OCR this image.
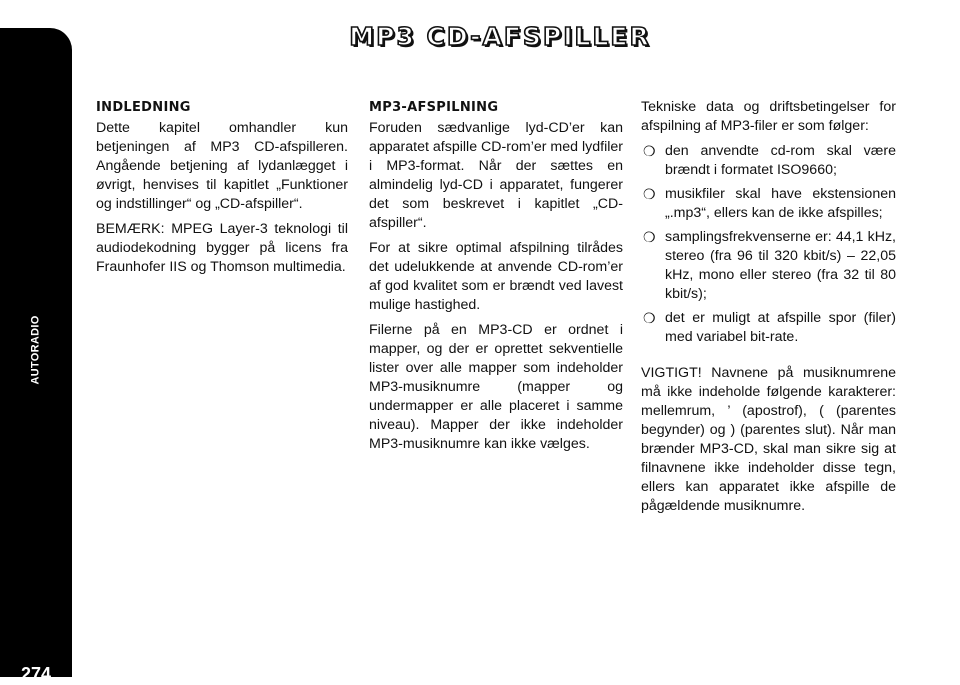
AUTORADIO
274
MP3 CD-AFSPILLER
INDLEDNING

Dette kapitel omhandler kun betjeningen af MP3 CD-afspilleren. Angående betjening af lydanlægget i øvrigt, henvises til kapitlet „Funktioner og indstillinger“ og „CD-afspiller“.

BEMÆRK: MPEG Layer-3 teknologi til audiodekodning bygger på licens fra Fraunhofer IIS og Thomson multimedia.

MP3-AFSPILNING

Foruden sædvanlige lyd-CD’er kan apparatet afspille CD-rom’er med lydfiler i MP3-format. Når der sættes en almindelig lyd-CD i apparatet, fungerer det som beskrevet i kapitlet „CD-afspiller“.

For at sikre optimal afspilning tilrådes det udelukkende at anvende CD-rom’er af god kvalitet som er brændt ved lavest mulige hastighed.

Filerne på en MP3-CD er ordnet i mapper, og der er oprettet sekventielle lister over alle mapper som indeholder MP3-musiknumre (mapper og undermapper er alle placeret i samme niveau). Mapper der ikke indeholder MP3-musiknumre kan ikke vælges.

Tekniske data og driftsbetingelser for afspilning af MP3-filer er som følger:

❍ den anvendte cd-rom skal være brændt i formatet ISO9660;
❍ musikfiler skal have ekstensionen „.mp3“, ellers kan de ikke afspilles;
❍ samplingsfrekvenserne er: 44,1 kHz, stereo (fra 96 til 320 kbit/s) – 22,05 kHz, mono eller stereo (fra 32 til 80 kbit/s);
❍ det er muligt at afspille spor (filer) med variabel bit-rate.

VIGTIGT! Navnene på musiknumrene må ikke indeholde følgende karakterer: mellemrum, ’ (apostrof), ( (parentes begynder) og ) (parentes slut). Når man brænder MP3-CD, skal man sikre sig at filnavnene ikke indeholder disse tegn, ellers kan apparatet ikke afspille de pågældende musiknumre.
